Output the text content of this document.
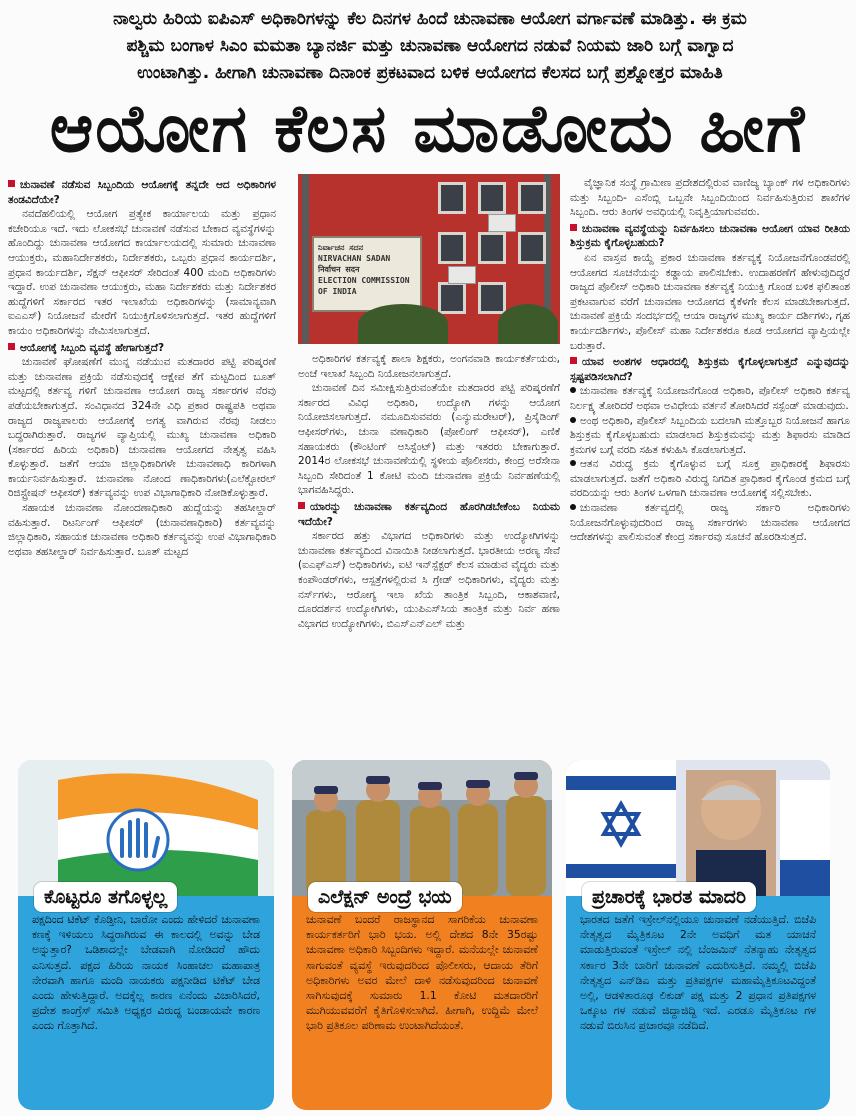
ನಾಲ್ವರು ಹಿರಿಯ ಐಪಿಎಸ್ ಅಧಿಕಾರಿಗಳನ್ನು ಕೆಲ ದಿನಗಳ ಹಿಂದೆ ಚುನಾವಣಾ ಆಯೋಗ ವರ್ಗಾವಣೆ ಮಾಡಿತ್ತು. ಈ ಕ್ರಮ

ಪಶ್ಚಿಮ ಬಂಗಾಳ ಸಿಎಂ ಮಮತಾ ಬ್ಯಾನರ್ಜಿ ಮತ್ತು ಚುನಾವಣಾ ಆಯೋಗದ ನಡುವೆ ನಿಯಮ ಜಾರಿ ಬಗ್ಗೆ ವಾಗ್ವಾದ

ಉಂಟಾಗಿತ್ತು. ಹೀಗಾಗಿ ಚುನಾವಣಾ ದಿನಾಂಕ ಪ್ರಕಟವಾದ ಬಳಿಕ ಆಯೋಗದ ಕೆಲಸದ ಬಗ್ಗೆ ಪ್ರಶ್ನೋತ್ತರ ಮಾಹಿತಿ

ಆಯೋಗ ಕೆಲಸ ಮಾಡೋದು ಹೀಗೆ

ಚುನಾವಣೆ ನಡೆಸುವ ಸಿಬ್ಬಂದಿಯ ಆಯೋಗಕ್ಕೆ ತನ್ನದೇ ಆದ ಅಧಿಕಾರಿಗಳ ತಂಡವಿದೆಯೇ?

ನವದೆಹಲಿಯಲ್ಲಿ ಆಯೋಗ ಪ್ರತ್ಯೇಕ ಕಾರ್ಯಾಲಯ ಮತ್ತು ಪ್ರಧಾನ ಕಚೇರಿಯೂ ಇದೆ. ಇದು ಲೋಕಸಭೆ ಚುನಾವಣೆ ನಡೆಸುವ ಬೇಕಾದ ವ್ಯವಸ್ಥೆಗಳನ್ನು ಹೊಂದಿದ್ದು ಚುನಾವಣಾ ಆಯೋಗದ ಕಾರ್ಯಾಲಯದಲ್ಲಿ ಸುಮಾರು ಚುನಾವಣಾ ಆಯುಕ್ತರು, ಮಹಾನಿರ್ದೇಶಕರು, ನಿರ್ದೇಶಕರು, ಒಬ್ಬರು ಪ್ರಧಾನ ಕಾರ್ಯದರ್ಶಿ, ಪ್ರಧಾನ ಕಾರ್ಯದರ್ಶಿ, ಸೆಕ್ಷನ್ ಆಫೀಸರ್ ಸೇರಿದಂತೆ 400 ಮಂದಿ ಅಧಿಕಾರಿಗಳು ಇದ್ದಾರೆ. ಉಪ ಚುನಾವಣಾ ಆಯುಕ್ತರು, ಮಹಾ ನಿರ್ದೇಶಕರು ಮತ್ತು ನಿರ್ದೇಶಕರ ಹುದ್ದೆಗಳಿಗೆ ಸರ್ಕಾರದ ಇತರ ಇಲಾಖೆಯ ಅಧಿಕಾರಿಗಳನ್ನು (ಸಾಮಾನ್ಯವಾಗಿ ಐಎಎಸ್) ನಿಯೋಜನೆ ಮೇರೆಗೆ ನಿಯುಕ್ತಿಗೊಳಿಸಲಾಗುತ್ತದೆ. ಇತರ ಹುದ್ದೆಗಳಿಗೆ ಕಾಯಂ ಅಧಿಕಾರಿಗಳನ್ನು ನೇಮಿಸಲಾಗುತ್ತದೆ.

ಆಯೋಗಕ್ಕೆ ಸಿಬ್ಬಂದಿ ವ್ಯವಸ್ಥೆ ಹೇಗಾಗುತ್ತದೆ?

ಚುನಾವಣೆ ಘೋಷಣೆಗೆ ಮುನ್ನ ನಡೆಯುವ ಮತದಾರರ ಪಟ್ಟಿ ಪರಿಷ್ಕರಣೆ ಮತ್ತು ಚುನಾವಣಾ ಪ್ರಕ್ರಿಯೆ ನಡೆಸುವುದಕ್ಕೆ ಆಕ್ಷೇಪ ತೆಗೆ ಮಟ್ಟದಿಂದ ಬೂತ್ ಮಟ್ಟದಲ್ಲಿ ಕರ್ತವ್ಯ ಗಳಿಗೆ ಚುನಾವಣಾ ಆಯೋಗ ರಾಜ್ಯ ಸರ್ಕಾರಗಳ ನೆರವು ಪಡೆಯಬೇಕಾಗುತ್ತದೆ. ಸಂವಿಧಾನದ 324ನೇ ವಿಧಿ ಪ್ರಕಾರ ರಾಷ್ಟ್ರಪತಿ ಅಥವಾ ರಾಜ್ಯದ ರಾಜ್ಯಪಾಲರು ಆಯೋಗಕ್ಕೆ ಅಗತ್ಯ ವಾಗಿರುವ ನೆರವು ನೀಡಲು ಬದ್ಧರಾಗಿರುತ್ತಾರೆ. ರಾಜ್ಯಗಳ ವ್ಯಾಪ್ತಿಯಲ್ಲಿ ಮುಖ್ಯ ಚುನಾವಣಾ ಅಧಿಕಾರಿ (ಸರ್ಕಾರದ ಹಿರಿಯ ಅಧಿಕಾರಿ) ಚುನಾವಣಾ ಆಯೋಗದ ನೇತೃತ್ವ ವಹಿಸಿ ಕೊಳ್ಳುತ್ತಾರೆ. ಜತೆಗೆ ಆಯಾ ಜಿಲ್ಲಾಧಿಕಾರಿಗಳೇ ಚುನಾವಣಾಧಿ ಕಾರಿಗಳಾಗಿ ಕಾರ್ಯನಿರ್ವಹಿಸುತ್ತಾರೆ. ಚುನಾವಣಾ ನೋಂದ ಣಾಧಿಕಾರಿಗಳು(ಎಲೆಕ್ಟೋರಲ್ ರಿಜಿಸ್ಟ್ರೇಷನ್ ಆಫೀಸರ್) ಕರ್ತವ್ಯವನ್ನು ಉಪ ವಿಭಾಗಾಧಿಕಾರಿ ನೋಡಿಕೊಳ್ಳುತ್ತಾರೆ.

ಸಹಾಯಕ ಚುನಾವಣಾ ನೋಂದಣಾಧಿಕಾರಿ ಹುದ್ದೆಯನ್ನು ತಹಸೀಲ್ದಾರ್ ವಹಿಸುತ್ತಾರೆ. ರಿಟರ್ನಿಂಗ್ ಆಫೀಸರ್ (ಚುನಾವಣಾಧಿಕಾರಿ) ಕರ್ತವ್ಯವನ್ನು ಜಿಲ್ಲಾಧಿಕಾರಿ, ಸಹಾಯಕ ಚುನಾವಣಾ ಅಧಿಕಾರಿ ಕರ್ತವ್ಯವನ್ನು ಉಪ ವಿಭಾಗಾಧಿಕಾರಿ ಅಥವಾ ತಹಸೀಲ್ದಾರ್ ನಿರ್ವಹಿಸುತ್ತಾರೆ. ಬೂತ್ ಮಟ್ಟದ

ನಿರ್ವಾಚನ ಸದನ
NIRVACHAN SADAN
निर्वाचन सदन
ELECTION COMMISSION
OF INDIA

ಅಧಿಕಾರಿಗಳ ಕರ್ತವ್ಯಕ್ಕೆ ಶಾಲಾ ಶಿಕ್ಷಕರು, ಅಂಗನವಾಡಿ ಕಾರ್ಯಕರ್ತೆಯರು, ಅಂಚೆ ಇಲಾಖೆ ಸಿಬ್ಬಂದಿ ನಿಯೋಜನಲಾಗುತ್ತದೆ.

ಚುನಾವಣೆ ದಿನ ಸಮೀಕ್ಷಿಸುತ್ತಿರುವಂತೆಯೇ ಮತದಾರರ ಪಟ್ಟಿ ಪರಿಷ್ಕರಣೆಗೆ ಸರ್ಕಾರದ ವಿವಿಧ ಅಧಿಕಾರಿ, ಉದ್ಯೋಗಿ ಗಳನ್ನು ಆಯೋಗ ನಿಯೋಜಿಸಲಾಗುತ್ತದೆ. ನಮೂದಿಸುವವರು (ಎನ್ಯುಮರೇಟರ್), ಪ್ರಿಸೈಡಿಂಗ್ ಆಫೀಸರ್‌ಗಳು, ಚುನಾ ವಣಾಧಿಕಾರಿ (ಪೋಲಿಂಗ್ ಆಫೀಸರ್), ಎಣಿಕೆ ಸಹಾಯಕರು (ಕೌಂಟಿಂಗ್ ಅಸಿಸ್ಟೆಂಟ್) ಮತ್ತು ಇತರರು ಬೇಕಾಗುತ್ತಾರೆ. 2014ರ ಲೋಕಸಭೆ ಚುನಾವಣೆಯಲ್ಲಿ ಸ್ಥಳೀಯ ಪೊಲೀಸರು, ಕೇಂದ್ರ ಅರೆಸೇನಾ ಸಿಬ್ಬಂದಿ ಸೇರಿದಂತೆ 1 ಕೋಟಿ ಮಂದಿ ಚುನಾವಣಾ ಪ್ರಕ್ರಿಯೆ ನಿರ್ವಹಣೆಯಲ್ಲಿ ಭಾಗವಹಿಸಿದ್ದರು.

ಯಾರನ್ನು ಚುನಾವಣಾ ಕರ್ತವ್ಯದಿಂದ ಹೊರಗಿಡಬೇಕೆಂಬ ನಿಯಮ ಇದೆಯೇ?

ಸರ್ಕಾರದ ಹತ್ತು ವಿಭಾಗದ ಅಧಿಕಾರಿಗಳು ಮತ್ತು ಉದ್ಯೋಗಿಗಳನ್ನು ಚುನಾವಣಾ ಕರ್ತವ್ಯದಿಂದ ವಿನಾಯಿತಿ ನೀಡಲಾಗುತ್ತದೆ. ಭಾರತೀಯ ಅರಣ್ಯ ಸೇವೆ (ಐಎಫ್ಎಸ್) ಅಧಿಕಾರಿಗಳು, ಐಟಿ ಇನ್‌ಸ್ಪೆಕ್ಟರ್ ಕೆಲಸ ಮಾಡುವ ವೈದ್ಯರು ಮತ್ತು ಕಂಪೌಂಡರ್‌ಗಳು, ಆಸ್ಪತ್ರೆಗಳಲ್ಲಿರುವ ಸಿ ಗ್ರೇಡ್ ಅಧಿಕಾರಿಗಳು, ವೈದ್ಯರು ಮತ್ತು ನರ್ಸ್‌ಗಳು, ಆರೋಗ್ಯ ಇಲಾ ಖೆಯ ತಾಂತ್ರಿಕ ಸಿಬ್ಬಂದಿ, ಆಕಾಶವಾಣಿ, ದೂರದರ್ಶನ ಉದ್ಯೋಗಿಗಳು, ಯುಪಿಎಸ್‌ಸಿಯ ತಾಂತ್ರಿಕ ಮತ್ತು ನಿರ್ವ ಹಣಾ ವಿಭಾಗದ ಉದ್ಯೋಗಿಗಳು, ಬಿಎಸ್ಎನ್ಎಲ್ ಮತ್ತು

ವೈಜ್ಞಾನಿಕ ಸಂಸ್ಥೆ ಗ್ರಾಮೀಣ ಪ್ರದೇಶದಲ್ಲಿರುವ ವಾಣಿಜ್ಯ ಬ್ಯಾಂಕ್ ಗಳ ಅಧಿಕಾರಿಗಳು ಮತ್ತು ಸಿಬ್ಬಂದಿ- ಎಸೆಂಬ್ಲಿ ಒಬ್ಬನೇ ಸಿಬ್ಬಂದಿಯಿಂದ ನಿರ್ವಹಿಸುತ್ತಿರುವ ಶಾಖೆಗಳ ಸಿಬ್ಬಂದಿ. ಆರು ತಿಂಗಳ ಅವಧಿಯಲ್ಲಿ ನಿವೃತ್ತಿಯಾಗುವವರು.

ಚುನಾವಣಾ ವ್ಯವಸ್ಥೆಯನ್ನು ನಿರ್ವಹಿಸಲು ಚುನಾವಣಾ ಆಯೋಗ ಯಾವ ರೀತಿಯ ಶಿಸ್ತುಕ್ರಮ ಕೈಗೊಳ್ಳಬಹುದು?

ಏನ ವಾಸ್ತವ ಕಾಯ್ದೆ ಪ್ರಕಾರ ಚುನಾವಣಾ ಕರ್ತವ್ಯಕ್ಕೆ ನಿಯೋಜನೆಗೊಂಡವರಲ್ಲಿ ಆಯೋಗದ ಸೂಚನೆಯನ್ನು ಕಡ್ಡಾಯ ಪಾಲಿಸಬೇಕು. ಉದಾಹರಣೆಗೆ ಹೇಳುವುದಿದ್ದರೆ ರಾಜ್ಯದ ಪೊಲೀಸ್ ಅಧಿಕಾರಿ ಚುನಾವಣಾ ಕರ್ತವ್ಯಕ್ಕೆ ನಿಯುಕ್ತಿ ಗೊಂಡ ಬಳಿಕ ಫಲಿತಾಂಶ ಪ್ರಕಟವಾಗುವ ವರೆಗೆ ಚುನಾವಣಾ ಆಯೋಗದ ಕೈಕೆಳಗೇ ಕೆಲಸ ಮಾಡಬೇಕಾಗುತ್ತದೆ. ಚುನಾವಣೆ ಪ್ರಕ್ರಿಯೆ ಸಂದರ್ಭದಲ್ಲಿ ಆಯಾ ರಾಜ್ಯಗಳ ಮುಖ್ಯ ಕಾರ್ಯ ದರ್ಶಿಗಳು, ಗೃಹ ಕಾರ್ಯದರ್ಶಿಗಳು, ಪೊಲೀಸ್ ಮಹಾ ನಿರ್ದೇಶಕರೂ ಕೂಡ ಆಯೋಗದ ವ್ಯಾಪ್ತಿಯಲ್ಲೇ ಬರುತ್ತಾರೆ.

ಯಾವ ಅಂಶಗಳ ಆಧಾರದಲ್ಲಿ ಶಿಸ್ತುಕ್ರಮ ಕೈಗೊಳ್ಳಲಾಗುತ್ತದೆ ಎನ್ನುವುದನ್ನು ಸ್ಪಷ್ಟಪಡಿಸಲಾಗಿದೆ?

ಚುನಾವಣಾ ಕರ್ತವ್ಯಕ್ಕೆ ನಿಯೋಜನೆಗೊಂಡ ಅಧಿಕಾರಿ, ಪೊಲೀಸ್ ಅಧಿಕಾರಿ ಕರ್ತವ್ಯ ನಿರ್ಲಕ್ಷ್ಯ ತೋರಿದರೆ ಅಥವಾ ಅವಿಧೇಯ ವರ್ತನೆ ತೋರಿಸಿದರೆ ಸಸ್ಪೆಂಡ್ ಮಾಡುವುದು.

ಅಂಥ ಅಧಿಕಾರಿ, ಪೊಲೀಸ್ ಸಿಬ್ಬಂದಿಯ ಬದಲಾಗಿ ಮತ್ತೊಬ್ಬರ ನಿಯೋಜನೆ ಹಾಗೂ ಶಿಸ್ತುಕ್ರಮ ಕೈಗೊಳ್ಳಬಹುದು ಮಾಡಲಾದ ಶಿಸ್ತುಕ್ರಮವನ್ನು ಮತ್ತು ಶಿಫಾರಸು ಮಾಡಿದ ಕ್ರಮಗಳ ಬಗ್ಗೆ ವರದಿ ಸಹಿತ ಕಳುಹಿಸಿ ಕೊಡಲಾಗುತ್ತದೆ.

ಆತನ ವಿರುದ್ಧ ಕ್ರಮ ಕೈಗೊಳ್ಳುವ ಬಗ್ಗೆ ಸೂಕ್ತ ಪ್ರಾಧಿಕಾರಕ್ಕೆ ಶಿಫಾರಸು ಮಾಡಲಾಗುತ್ತದೆ. ಜತೆಗೆ ಅಧಿಕಾರಿ ವಿರುದ್ಧ ನಿಗದಿತ ಪ್ರಾಧಿಕಾರ ಕೈಗೊಂಡ ಕ್ರಮದ ಬಗ್ಗೆ ವರದಿಯನ್ನು ಆರು ತಿಂಗಳ ಒಳಗಾಗಿ ಚುನಾವಣಾ ಆಯೋಗಕ್ಕೆ ಸಲ್ಲಿಸಬೇಕು.

ಚುನಾವಣಾ ಕರ್ತವ್ಯದಲ್ಲಿ ರಾಜ್ಯ ಸರ್ಕಾರಿ ಅಧಿಕಾರಿಗಳು ನಿಯೋಜನೆಗೊಳ್ಳುವುದರಿಂದ ರಾಜ್ಯ ಸರ್ಕಾರಗಳು ಚುನಾವಣಾ ಆಯೋಗದ ಆದೇಶಗಳನ್ನು ಪಾಲಿಸುವಂತೆ ಕೇಂದ್ರ ಸರ್ಕಾರವು ಸೂಚನೆ ಹೊರಡಿಸುತ್ತದೆ.

ಕೊಟ್ಟರೂ ತಗೊಳ್ಳಲ್ಲ
ಪಕ್ಷದಿಂದ ಟಿಕೆಟ್ ಕೊಡ್ತೀನಿ, ಬಾರೋ ಎಂದು ಹೇಳಿದರೆ ಚುನಾವಣಾ ಕಣಕ್ಕೆ ಇಳಿಯಲು ಸಿದ್ಧರಾಗಿರುವ ಈ ಕಾಲದಲ್ಲಿ ಅವನ್ನು ಬೇಡ ಅನ್ನುತ್ತಾರ? ಒಡಿಶಾದಲ್ಲೇ ಬೇಡವಾಗಿ ನೋಡಿದರೆ ಹೌದು ಎನಿಸುತ್ತದೆ. ಪಕ್ಷದ ಹಿರಿಯ ನಾಯಕ ಸಿಂಹಾಚಲ ಮಹಾಪಾತ್ರ ನೇರವಾಗಿ ಹಾಗೂ ಮಂದಿ ನಾಯಕರು ಪಕ್ಷನೀಡಿದ ಟಿಕೆಟ್ ಬೇಡ ಎಂದು ಹೇಳುತ್ತಿದ್ದಾರೆ. ಅದಕ್ಕೆಲ್ಲ ಕಾರಣ ಏನೆಂದು ವಿಚಾರಿಸಿದರೆ, ಪ್ರದೇಶ ಕಾಂಗ್ರೆಸ್ ಸಮಿತಿ ಅಧ್ಯಕ್ಷರ ವಿರುದ್ಧ ಬಂಡಾಯವೇ ಕಾರಣ ಎಂದು ಗೊತ್ತಾಗಿದೆ.
ಎಲೆಕ್ಷನ್ ಅಂದ್ರೆ ಭಯ
ಚುನಾವಣೆ ಬಂದರೆ ರಾಜಸ್ಥಾನದ ಸಾಗರಿಕೆಯ ಚುನಾವಣಾ ಕಾರ್ಯಕರ್ತರಿಗೆ ಭಾರಿ ಭಯ. ಅಲ್ಲಿ ದೇಶದ 8ನೇ 35ರಷ್ಟು ಚುನಾವಣಾ ಅಧಿಕಾರಿ ಸಿಬ್ಬಂದಿಗಳು ಇದ್ದಾರೆ. ಮನೆಯಲ್ಲೇ ಚುನಾವಣೆ ಸಾಗುವಂತೆ ವ್ಯವಸ್ಥೆ ಇರುವುದರಿಂದ ಪೊಲೀಸರು, ಆದಾಯ ತೆರಿಗೆ ಅಧಿಕಾರಿಗಳು ಅವರ ಮೇಲೆ ದಾಳಿ ನಡೆಸುವುದರಿಂದ ಚುನಾವಣೆ ಸಾಗಿಸುವುದಕ್ಕೆ ಸುಮಾರು 1.1 ಕೋಟಿ ಮತದಾರರಿಗೆ ಮುಗಿಯುವವರೆಗೆ ಕೈತಿಗೊಳಿಸಲಾಗಿದೆ. ಹೀಗಾಗಿ, ಉದ್ದಿಮೆ ಮೇಲೆ ಭಾರಿ ಪ್ರತಿಕೂಲ ಪರಿಣಾಮ ಉಂಟಾಗಿದೆಯಂತೆ.
ಪ್ರಚಾರಕ್ಕೆ ಭಾರತ ಮಾದರಿ
ಭಾರತದ ಜತೆಗೆ ಇಸ್ರೇಲ್‌ನಲ್ಲಿಯೂ ಚುನಾವಣೆ ನಡೆಯುತ್ತಿದೆ. ಬಿಜೆಪಿ ನೇತೃತ್ವದ ಮೈತ್ರಿಕೂಟ 2ನೇ ಅವಧಿಗೆ ಮತ ಯಾಚನೆ ಮಾಡುತ್ತಿರುವಂತೆ ಇಸ್ರೇಲ್ ನಲ್ಲಿ ಬೆಂಜಮಿನ್ ನೆತನ್ಯಾಹು ನೇತೃತ್ವದ ಸರ್ಕಾರ 3ನೇ ಬಾರಿಗೆ ಚುನಾವಣೆ ಎದುರಿಸುತ್ತಿದೆ. ನಮ್ಮಲ್ಲಿ ಬಿಜೆಪಿ ನೇತೃತ್ವದ ಎನ್‌ಡಿಎ ಮತ್ತು ಪ್ರತಿಪಕ್ಷಗಳ ಮಹಾಮೈತ್ರಿಕೂಟವಿದ್ದಂತೆ ಅಲ್ಲಿ, ಆಡಳಿತಾರೂಢ ಲಿಕುಡ್ ಪಕ್ಷ ಮತ್ತು 2 ಪ್ರಧಾನ ಪ್ರತಿಪಕ್ಷಗಳ ಒಕ್ಕೂಟ ಗಳ ನಡುವೆ ಜಿದ್ದಾಜಿದ್ದಿ ಇದೆ. ಎರಡೂ ಮೈತ್ರಿಕೂಟ ಗಳ ನಡುವೆ ಬಿರುಸಿನ ಪ್ರಚಾರವೂ ನಡೆದಿದೆ.
